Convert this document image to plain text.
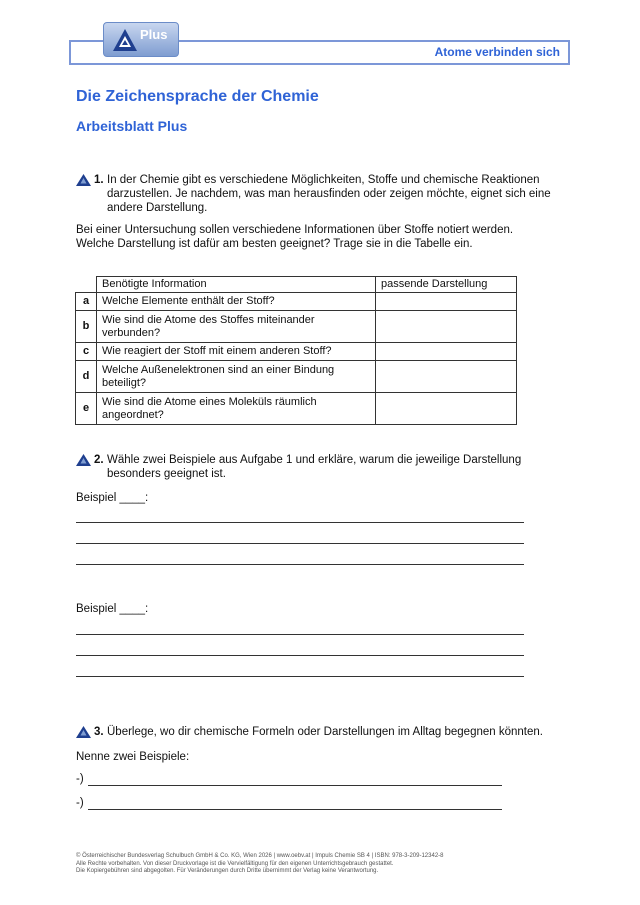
Atome verbinden sich
Plus
Die Zeichensprache der Chemie
Arbeitsblatt Plus
1. In der Chemie gibt es verschiedene Möglichkeiten, Stoffe und chemische Reaktionen darzustellen. Je nachdem, was man herausfinden oder zeigen möchte, eignet sich eine andere Darstellung.
Bei einer Untersuchung sollen verschiedene Informationen über Stoffe notiert werden. Welche Darstellung ist dafür am besten geeignet? Trage sie in die Tabelle ein.
	Benötigte Information	passende Darstellung
a	Welche Elemente enthält der Stoff?	
b	Wie sind die Atome des Stoffes miteinander verbunden?	
c	Wie reagiert der Stoff mit einem anderen Stoff?	
d	Welche Außenelektronen sind an einer Bindung beteiligt?	
e	Wie sind die Atome eines Moleküls räumlich angeordnet?	
2. Wähle zwei Beispiele aus Aufgabe 1 und erkläre, warum die jeweilige Darstellung besonders geeignet ist.
Beispiel ____:
Beispiel ____:
3. Überlege, wo dir chemische Formeln oder Darstellungen im Alltag begegnen könnten.
Nenne zwei Beispiele:
-)
-)
© Österreichischer Bundesverlag Schulbuch GmbH & Co. KG, Wien 2026 | www.oebv.at | Impuls Chemie SB 4 | ISBN: 978-3-209-12342-8
Alle Rechte vorbehalten. Von dieser Druckvorlage ist die Vervielfältigung für den eigenen Unterrichtsgebrauch gestattet.
Die Kopiergebühren sind abgegolten. Für Veränderungen durch Dritte übernimmt der Verlag keine Verantwortung.
